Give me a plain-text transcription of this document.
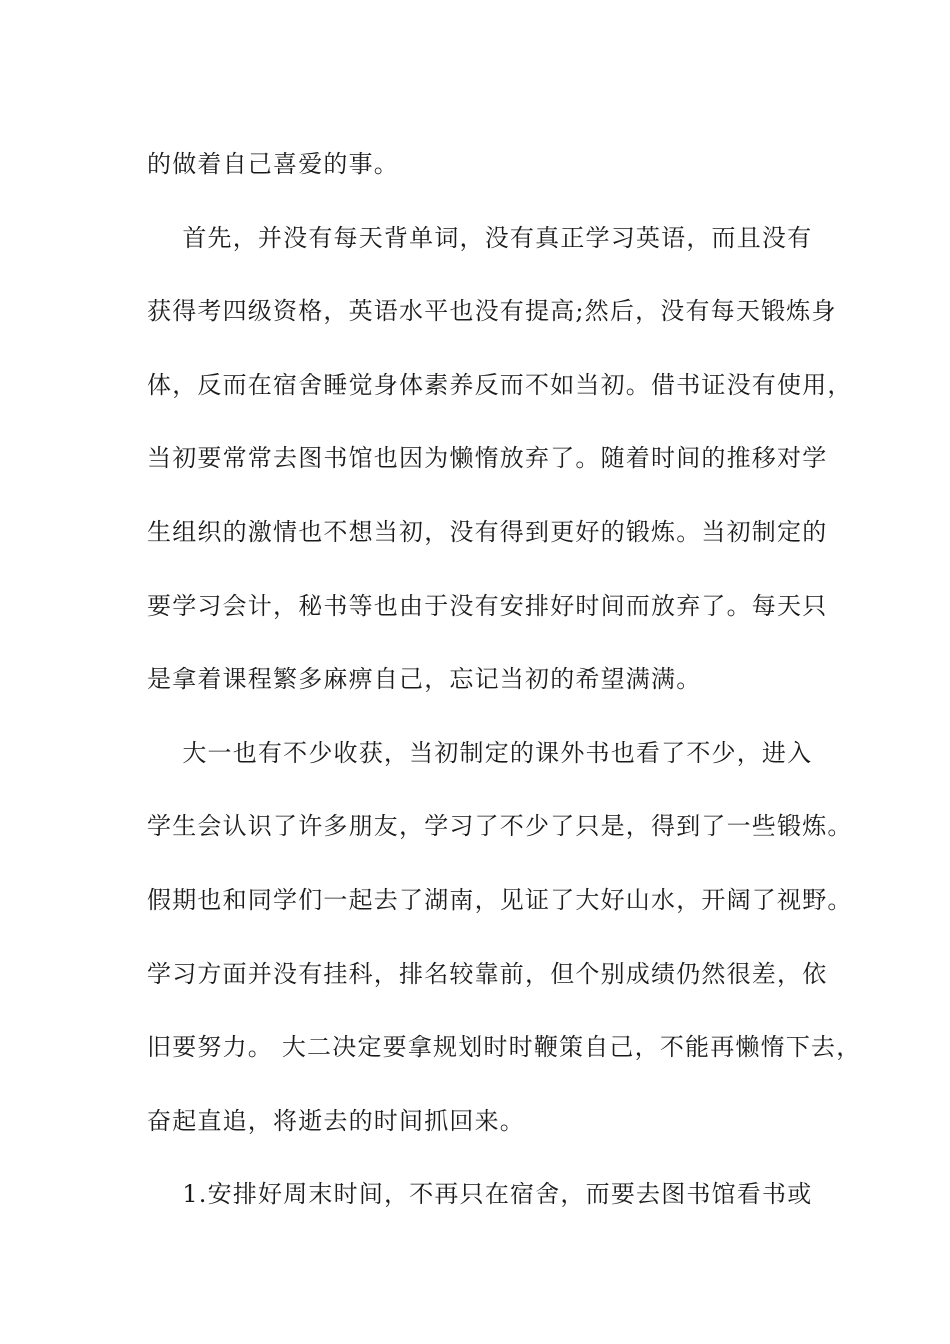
的做着自己喜爱的事。
首先，并没有每天背单词，没有真正学习英语，而且没有
获得考四级资格，英语水平也没有提高;然后，没有每天锻炼身
体，反而在宿舍睡觉身体素养反而不如当初。借书证没有使用，
当初要常常去图书馆也因为懒惰放弃了。随着时间的推移对学
生组织的激情也不想当初，没有得到更好的锻炼。当初制定的
要学习会计，秘书等也由于没有安排好时间而放弃了。每天只
是拿着课程繁多麻痹自己，忘记当初的希望满满。
大一也有不少收获，当初制定的课外书也看了不少，进入
学生会认识了许多朋友，学习了不少了只是，得到了一些锻炼。
假期也和同学们一起去了湖南，见证了大好山水，开阔了视野。
学习方面并没有挂科，排名较靠前，但个别成绩仍然很差，依
旧要努力。 大二决定要拿规划时时鞭策自己，不能再懒惰下去，
奋起直追，将逝去的时间抓回来。
1.安排好周末时间，不再只在宿舍，而要去图书馆看书或
